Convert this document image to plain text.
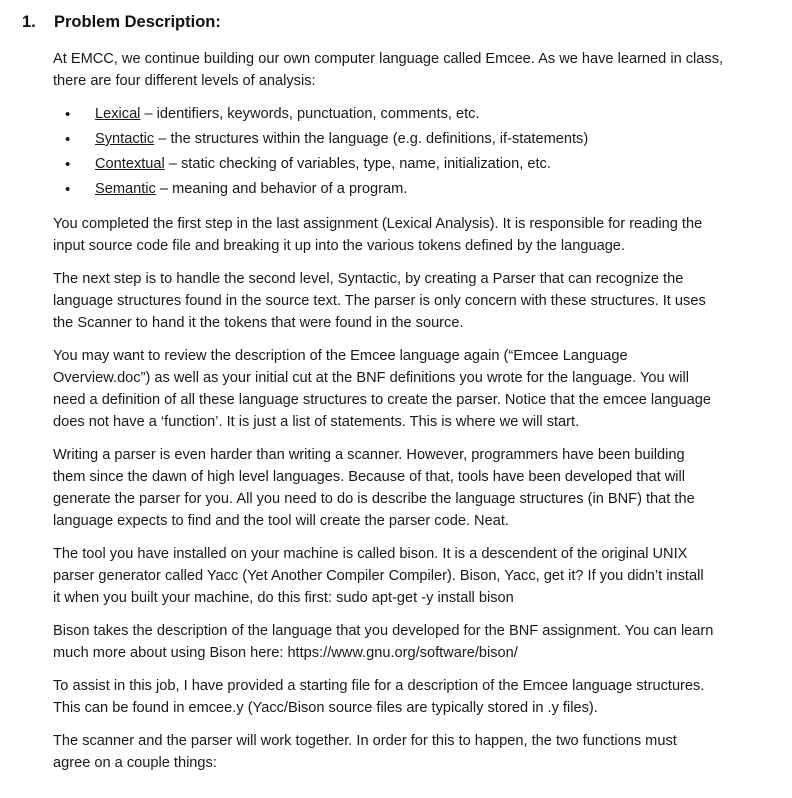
1.	Problem Description:

At EMCC, we continue building our own computer language called Emcee. As we have learned in class,
there are four different levels of analysis:

• Lexical – identifiers, keywords, punctuation, comments, etc.
• Syntactic – the structures within the language (e.g. definitions, if-statements)
• Contextual – static checking of variables, type, name, initialization, etc.
• Semantic – meaning and behavior of a program.

You completed the first step in the last assignment (Lexical Analysis). It is responsible for reading the
input source code file and breaking it up into the various tokens defined by the language.

The next step is to handle the second level, Syntactic, by creating a Parser that can recognize the
language structures found in the source text. The parser is only concern with these structures. It uses
the Scanner to hand it the tokens that were found in the source.

You may want to review the description of the Emcee language again (“Emcee Language
Overview.doc”) as well as your initial cut at the BNF definitions you wrote for the language. You will
need a definition of all these language structures to create the parser. Notice that the emcee language
does not have a ‘function’. It is just a list of statements. This is where we will start.

Writing a parser is even harder than writing a scanner. However, programmers have been building
them since the dawn of high level languages. Because of that, tools have been developed that will
generate the parser for you. All you need to do is describe the language structures (in BNF) that the
language expects to find and the tool will create the parser code. Neat.

The tool you have installed on your machine is called bison. It is a descendent of the original UNIX
parser generator called Yacc (Yet Another Compiler Compiler). Bison, Yacc, get it? If you didn’t install
it when you built your machine, do this first: sudo apt-get -y install bison

Bison takes the description of the language that you developed for the BNF assignment. You can learn
much more about using Bison here: https://www.gnu.org/software/bison/

To assist in this job, I have provided a starting file for a description of the Emcee language structures.
This can be found in emcee.y (Yacc/Bison source files are typically stored in .y files).

The scanner and the parser will work together. In order for this to happen, the two functions must
agree on a couple things:
